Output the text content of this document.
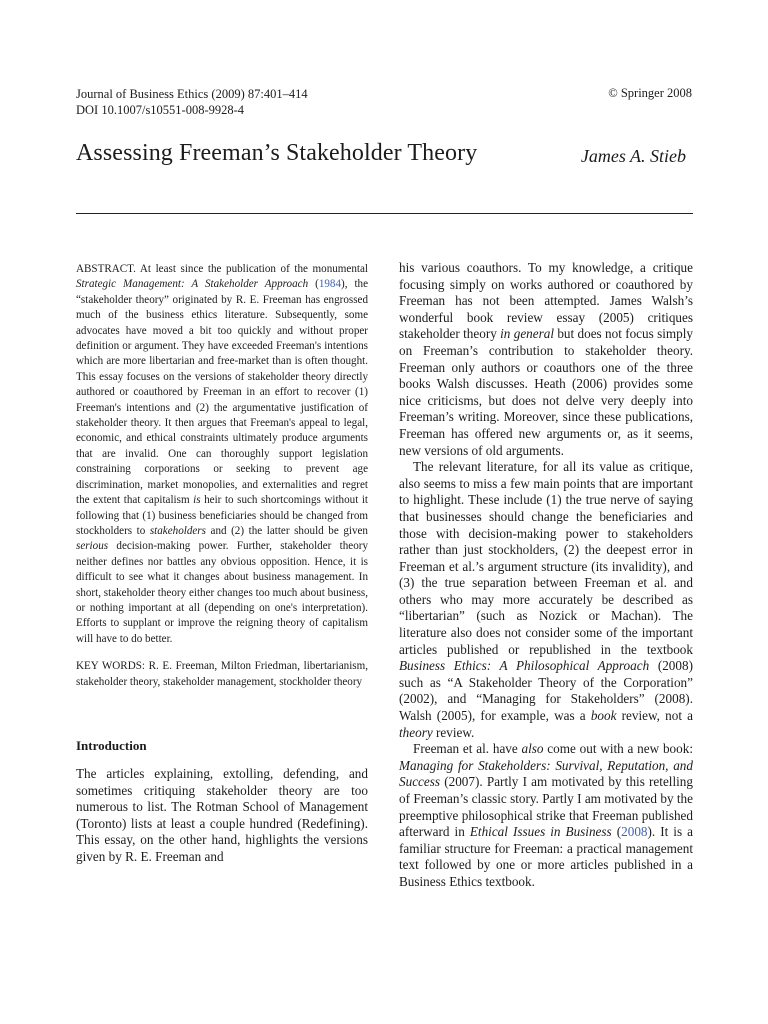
Journal of Business Ethics (2009) 87:401–414
DOI 10.1007/s10551-008-9928-4
© Springer 2008
Assessing Freeman’s Stakeholder Theory	James A. Stieb

ABSTRACT. At least since the publication of the monumental Strategic Management: A Stakeholder Approach (1984), the “stakeholder theory” originated by R. E. Freeman has engrossed much of the business ethics literature. Subsequently, some advocates have moved a bit too quickly and without proper definition or argument. They have exceeded Freeman's intentions which are more libertarian and free-market than is often thought. This essay focuses on the versions of stakeholder theory directly authored or coauthored by Freeman in an effort to recover (1) Freeman's intentions and (2) the argumentative justification of stakeholder theory. It then argues that Freeman's appeal to legal, economic, and ethical constraints ultimately produce arguments that are invalid. One can thoroughly support legislation constraining corporations or seeking to prevent age discrimination, market monopolies, and externalities and regret the extent that capitalism is heir to such shortcomings without it following that (1) business beneficiaries should be changed from stockholders to stakeholders and (2) the latter should be given serious decision-making power. Further, stakeholder theory neither defines nor battles any obvious opposition. Hence, it is difficult to see what it changes about business management. In short, stakeholder theory either changes too much about business, or nothing important at all (depending on one's interpretation). Efforts to supplant or improve the reigning theory of capitalism will have to do better.

KEY WORDS: R. E. Freeman, Milton Friedman, libertarianism, stakeholder theory, stakeholder management, stockholder theory

Introduction

The articles explaining, extolling, defending, and sometimes critiquing stakeholder theory are too numerous to list. The Rotman School of Management (Toronto) lists at least a couple hundred (Redefining). This essay, on the other hand, highlights the versions given by R. E. Freeman and

his various coauthors. To my knowledge, a critique focusing simply on works authored or coauthored by Freeman has not been attempted. James Walsh’s wonderful book review essay (2005) critiques stakeholder theory in general but does not focus simply on Freeman’s contribution to stakeholder theory. Freeman only authors or coauthors one of the three books Walsh discusses. Heath (2006) provides some nice criticisms, but does not delve very deeply into Freeman’s writing. Moreover, since these publications, Freeman has offered new arguments or, as it seems, new versions of old arguments.

The relevant literature, for all its value as critique, also seems to miss a few main points that are important to highlight. These include (1) the true nerve of saying that businesses should change the beneficiaries and those with decision-making power to stakeholders rather than just stockholders, (2) the deepest error in Freeman et al.’s argument structure (its invalidity), and (3) the true separation between Freeman et al. and others who may more accurately be described as “libertarian” (such as Nozick or Machan). The literature also does not consider some of the important articles published or republished in the textbook Business Ethics: A Philosophical Approach (2008) such as “A Stakeholder Theory of the Corporation” (2002), and “Managing for Stakeholders” (2008). Walsh (2005), for example, was a book review, not a theory review.

Freeman et al. have also come out with a new book: Managing for Stakeholders: Survival, Reputation, and Success (2007). Partly I am motivated by this retelling of Freeman’s classic story. Partly I am motivated by the preemptive philosophical strike that Freeman published afterward in Ethical Issues in Business (2008). It is a familiar structure for Freeman: a practical management text followed by one or more articles published in a Business Ethics textbook.
